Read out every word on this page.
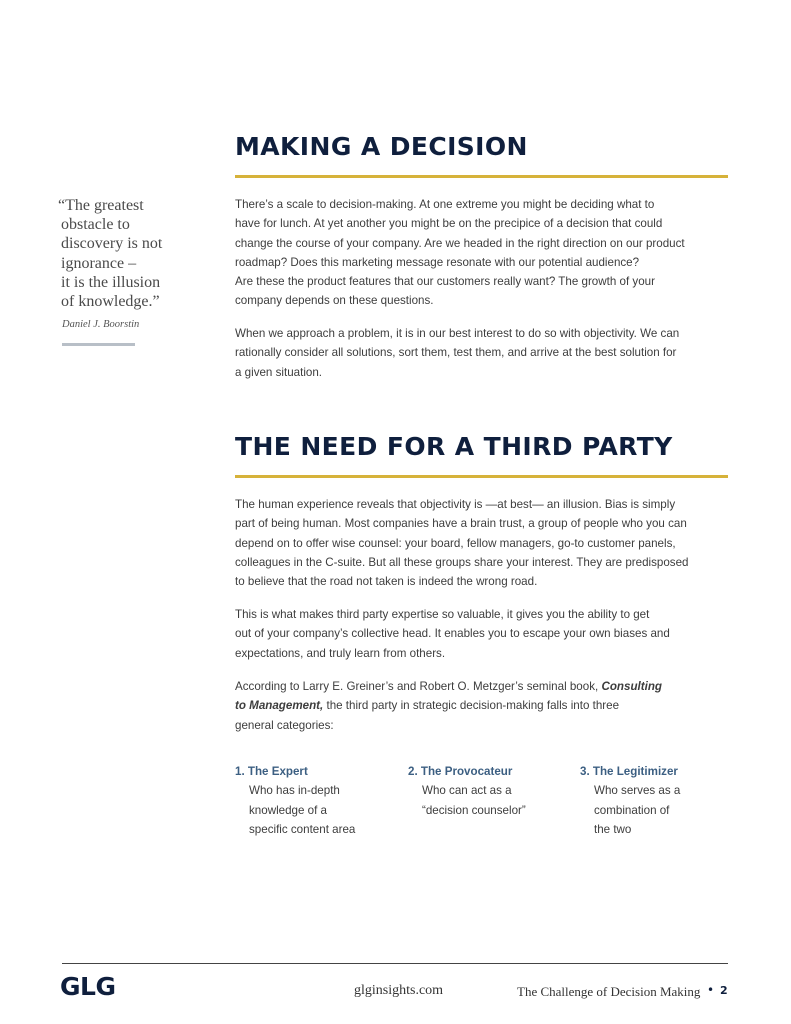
“The greatest
obstacle to
discovery is not
ignorance –
it is the illusion
of knowledge.”
Daniel J. Boorstin
MAKING A DECISION

There’s a scale to decision-making. At one extreme you might be deciding what to
have for lunch. At yet another you might be on the precipice of a decision that could
change the course of your company. Are we headed in the right direction on our product
roadmap? Does this marketing message resonate with our potential audience?
Are these the product features that our customers really want? The growth of your
company depends on these questions.

When we approach a problem, it is in our best interest to do so with objectivity. We can
rationally consider all solutions, sort them, test them, and arrive at the best solution for
a given situation.

THE NEED FOR A THIRD PARTY

The human experience reveals that objectivity is —at best— an illusion. Bias is simply
part of being human. Most companies have a brain trust, a group of people who you can
depend on to offer wise counsel: your board, fellow managers, go-to customer panels,
colleagues in the C-suite. But all these groups share your interest. They are predisposed
to believe that the road not taken is indeed the wrong road.

This is what makes third party expertise so valuable, it gives you the ability to get
out of your company’s collective head. It enables you to escape your own biases and
expectations, and truly learn from others.

According to Larry E. Greiner’s and Robert O. Metzger’s seminal book, Consulting
to Management, the third party in strategic decision-making falls into three
general categories:

1. The Expert
Who has in-depth
knowledge of a
specific content area
2. The Provocateur
Who can act as a
“decision counselor”
3. The Legitimizer
Who serves as a
combination of
the two
GLG	glginsights.com	The Challenge of Decision Making • 2
